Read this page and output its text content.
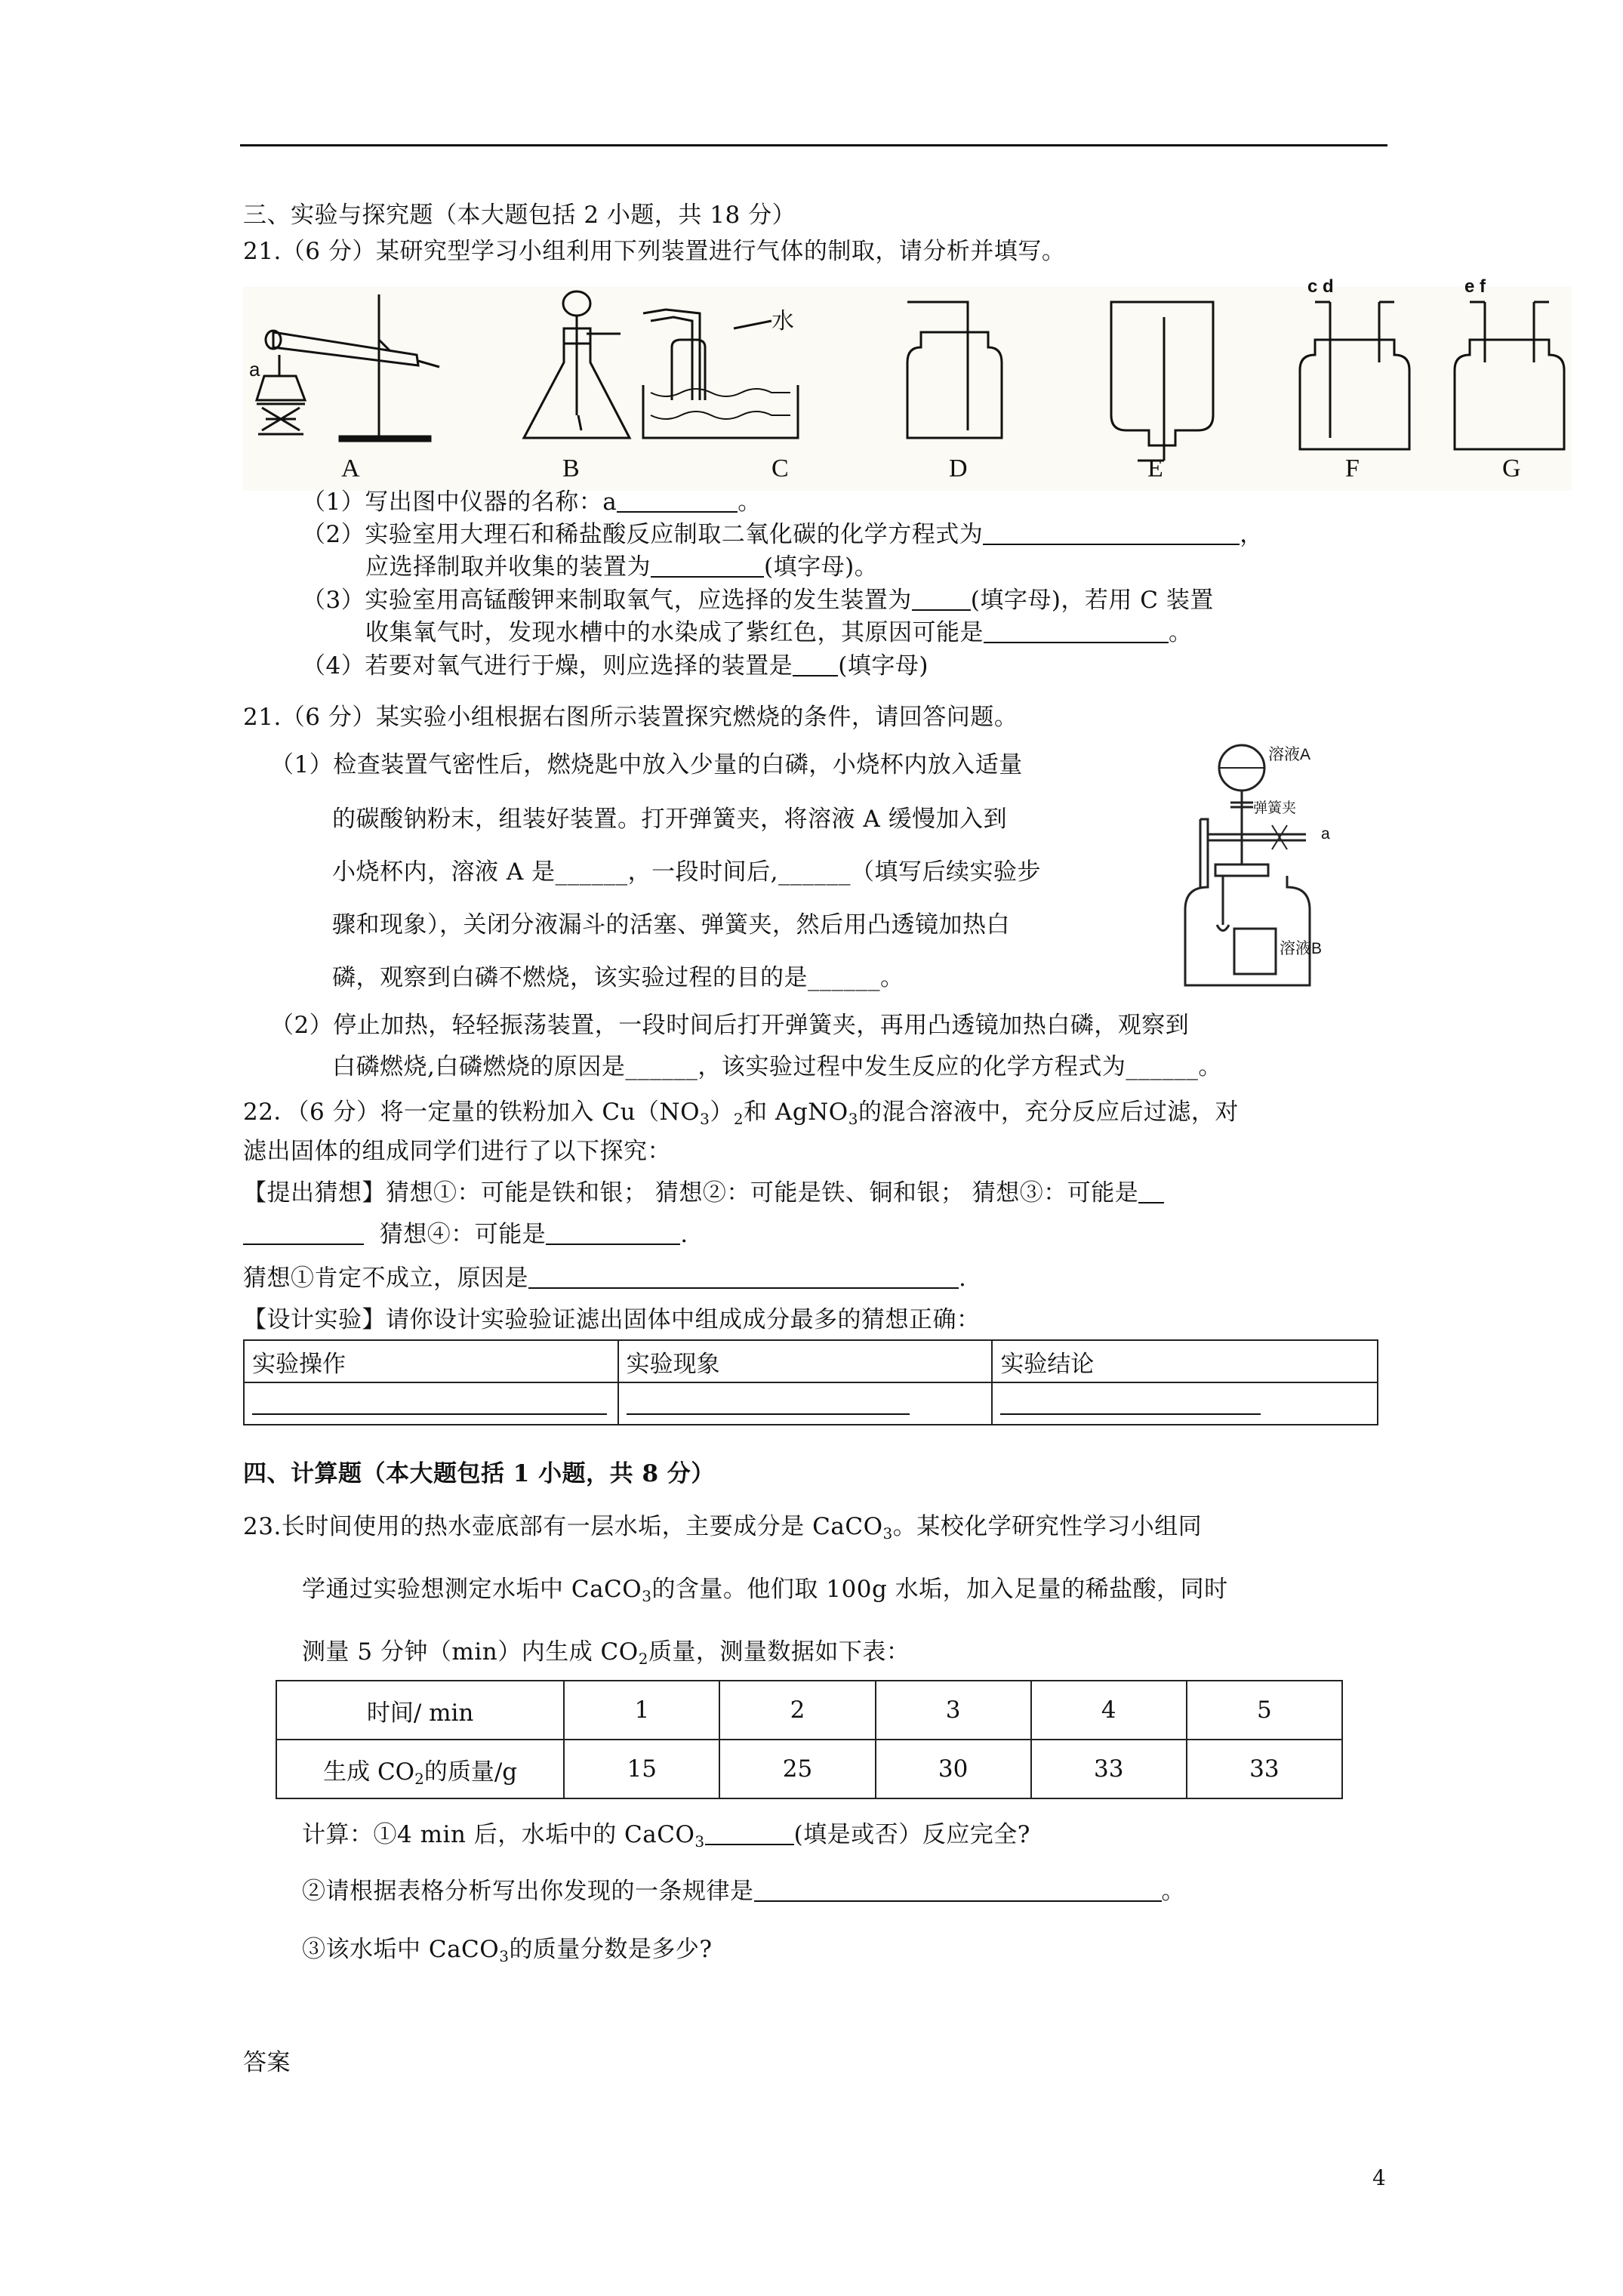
三、实验与探究题（本大题包括 2 小题，共 18 分）
21.（6 分）某研究型学习小组利用下列装置进行气体的制取，请分析并填写。
A	B	C	D	E	F	G
a
水
c d	e f
（1）写出图中仪器的名称：a	。
（2）实验室用大理石和稀盐酸反应制取二氧化碳的化学方程式为	，
应选择制取并收集的装置为	(填字母)。
（3）实验室用高锰酸钾来制取氧气，应选择的发生装置为	(填字母)，若用 C 装置
收集氧气时，发现水槽中的水染成了紫红色，其原因可能是	。
（4）若要对氧气进行于燥，则应选择的装置是 (填字母)
21.（6 分）某实验小组根据右图所示装置探究燃烧的条件，请回答问题。
（1）检查装置气密性后，燃烧匙中放入少量的白磷，小烧杯内放入适量
的碳酸钠粉末，组装好装置。打开弹簧夹，将溶液 A 缓慢加入到
小烧杯内，溶液 A 是______，一段时间后,______（填写后续实验步
骤和现象），关闭分液漏斗的活塞、弹簧夹，然后用凸透镜加热白
磷，观察到白磷不燃烧，该实验过程的目的是______。
（2）停止加热，轻轻振荡装置，一段时间后打开弹簧夹，再用凸透镜加热白磷，观察到
白磷燃烧,白磷燃烧的原因是______，该实验过程中发生反应的化学方程式为______。
溶液A
弹簧夹
a
溶液B
22．（6 分）将一定量的铁粉加入 $Cu(NO_3)_2$和 AgNO$_3$的混合溶液中，充分反应后过滤，对
滤出固体的组成同学们进行了以下探究：
【提出猜想】猜想①：可能是铁和银； 猜想②：可能是铁、铜和银； 猜想③：可能是
猜想④：可能是	.
猜想①肯定不成立，原因是	.
【设计实验】请你设计实验验证滤出固体中组成成分最多的猜想正确：
实验操作	实验现象	实验结论

四、计算题（本大题包括 1 小题，共 8 分）
23.长时间使用的热水壶底部有一层水垢，主要成分是 CaCO$_3$。某校化学研究性学习小组同
学通过实验想测定水垢中 CaCO$_3$的含量。他们取 100g 水垢，加入足量的稀盐酸，同时
测量 5 分钟（min）内生成 $CO_2$质量，测量数据如下表：
时间/ min	1	2	3	4	5
生成 $CO_2$的质量/g	15	25	30	33	33
计算：①4 min 后，水垢中的 CaCO$_3$	(填是或否）反应完全?
②请根据表格分析写出你发现的一条规律是	。
③该水垢中 CaCO$_3$的质量分数是多少?
答案
4
